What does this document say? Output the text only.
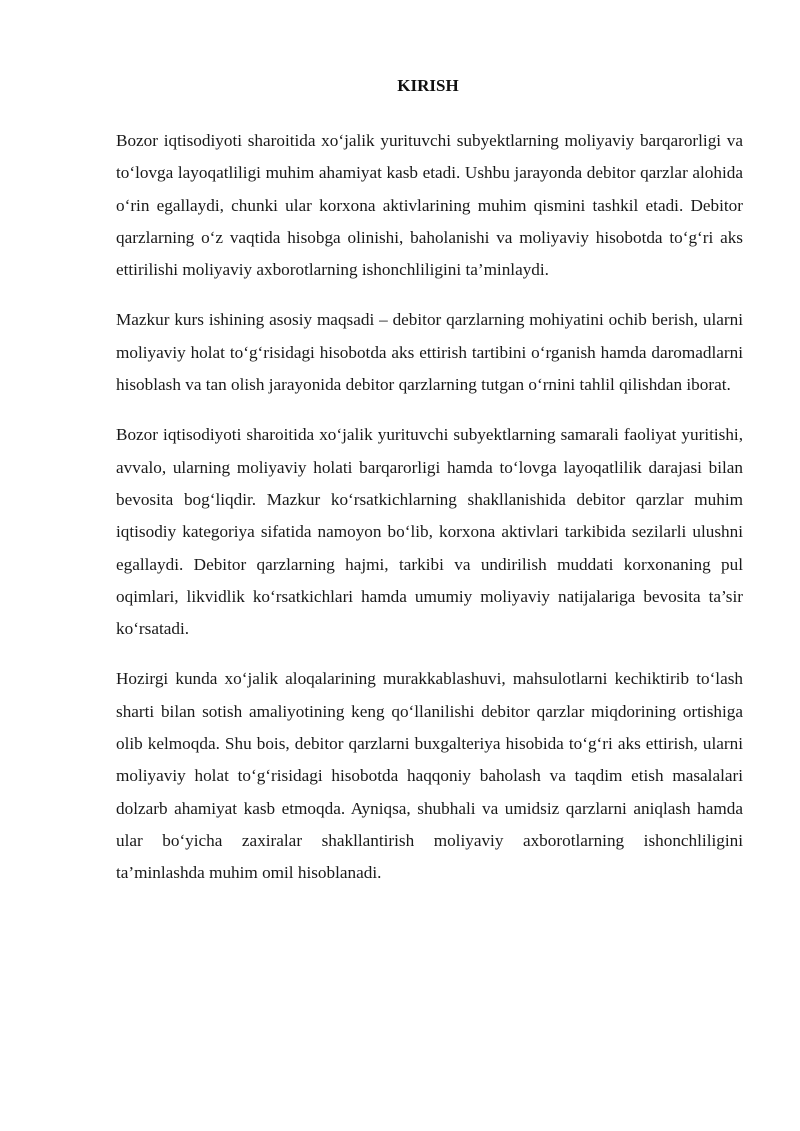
KIRISH

Bozor iqtisodiyoti sharoitida xo‘jalik yurituvchi subyektlarning moliyaviy barqarorligi va to‘lovga layoqatliligi muhim ahamiyat kasb etadi. Ushbu jarayonda debitor qarzlar alohida o‘rin egallaydi, chunki ular korxona aktivlarining muhim qismini tashkil etadi. Debitor qarzlarning o‘z vaqtida hisobga olinishi, baholanishi va moliyaviy hisobotda to‘g‘ri aks ettirilishi moliyaviy axborotlarning ishonchliligini ta’minlaydi.

Mazkur kurs ishining asosiy maqsadi – debitor qarzlarning mohiyatini ochib berish, ularni moliyaviy holat to‘g‘risidagi hisobotda aks ettirish tartibini o‘rganish hamda daromadlarni hisoblash va tan olish jarayonida debitor qarzlarning tutgan o‘rnini tahlil qilishdan iborat.

Bozor iqtisodiyoti sharoitida xo‘jalik yurituvchi subyektlarning samarali faoliyat yuritishi, avvalo, ularning moliyaviy holati barqarorligi hamda to‘lovga layoqatlilik darajasi bilan bevosita bog‘liqdir. Mazkur ko‘rsatkichlarning shakllanishida debitor qarzlar muhim iqtisodiy kategoriya sifatida namoyon bo‘lib, korxona aktivlari tarkibida sezilarli ulushni egallaydi. Debitor qarzlarning hajmi, tarkibi va undirilish muddati korxonaning pul oqimlari, likvidlik ko‘rsatkichlari hamda umumiy moliyaviy natijalariga bevosita ta’sir ko‘rsatadi.

Hozirgi kunda xo‘jalik aloqalarining murakkablashuvi, mahsulotlarni kechiktirib to‘lash sharti bilan sotish amaliyotining keng qo‘llanilishi debitor qarzlar miqdorining ortishiga olib kelmoqda. Shu bois, debitor qarzlarni buxgalteriya hisobida to‘g‘ri aks ettirish, ularni moliyaviy holat to‘g‘risidagi hisobotda haqqoniy baholash va taqdim etish masalalari dolzarb ahamiyat kasb etmoqda. Ayniqsa, shubhali va umidsiz qarzlarni aniqlash hamda ular bo‘yicha zaxiralar shakllantirish moliyaviy axborotlarning ishonchliligini ta’minlashda muhim omil hisoblanadi.
